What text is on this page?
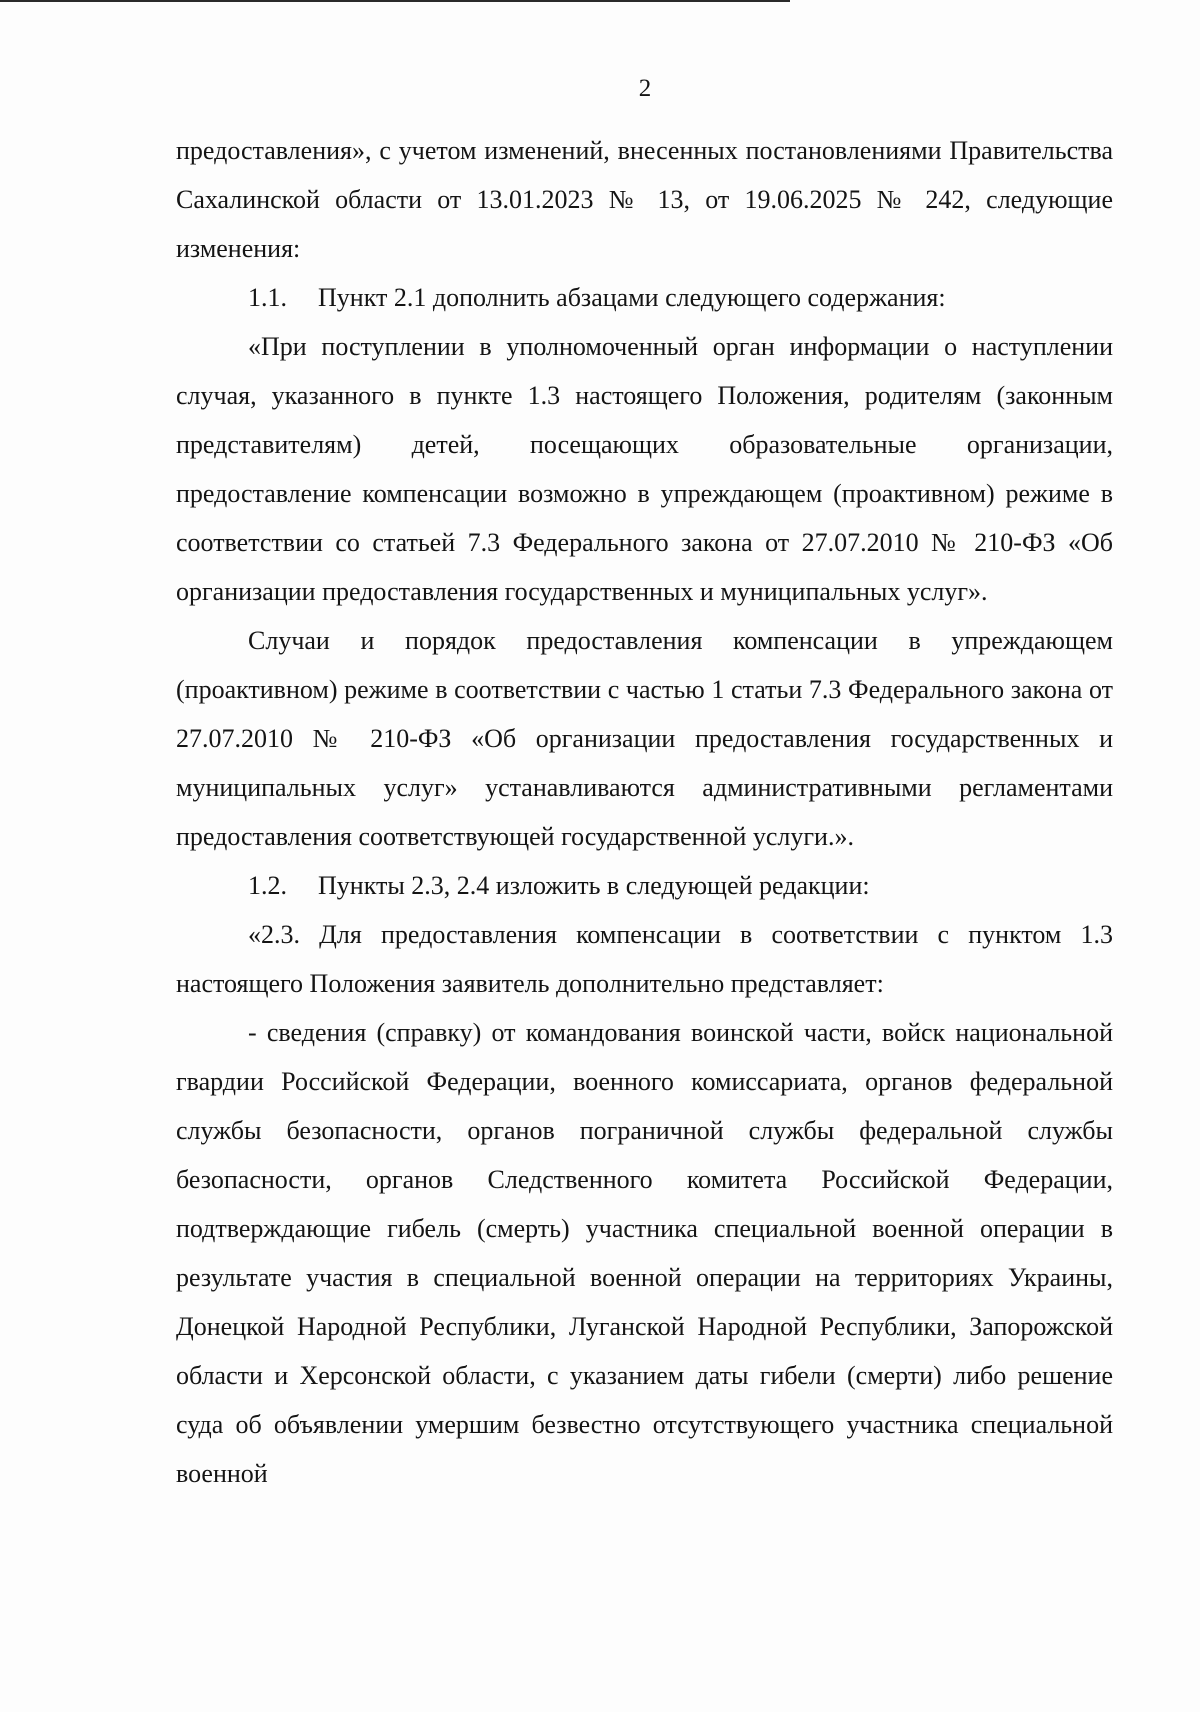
2

предоставления», с учетом изменений, внесенных постановлениями Правительства Сахалинской области от 13.01.2023 № 13, от 19.06.2025 № 242, следующие изменения:

1.1. Пункт 2.1 дополнить абзацами следующего содержания:

«При поступлении в уполномоченный орган информации о наступлении случая, указанного в пункте 1.3 настоящего Положения, родителям (законным представителям) детей, посещающих образовательные организации, предоставление компенсации возможно в упреждающем (проактивном) режиме в соответствии со статьей 7.3 Федерального закона от 27.07.2010 № 210-ФЗ «Об организации предоставления государственных и муниципальных услуг».

Случаи и порядок предоставления компенсации в упреждающем (проактивном) режиме в соответствии с частью 1 статьи 7.3 Федерального закона от 27.07.2010 № 210-ФЗ «Об организации предоставления государственных и муниципальных услуг» устанавливаются административными регламентами предоставления соответствующей государственной услуги.».

1.2. Пункты 2.3, 2.4 изложить в следующей редакции:

«2.3. Для предоставления компенсации в соответствии с пунктом 1.3 настоящего Положения заявитель дополнительно представляет:

- сведения (справку) от командования воинской части, войск национальной гвардии Российской Федерации, военного комиссариата, органов федеральной службы безопасности, органов пограничной службы федеральной службы безопасности, органов Следственного комитета Российской Федерации, подтверждающие гибель (смерть) участника специальной военной операции в результате участия в специальной военной операции на территориях Украины, Донецкой Народной Республики, Луганской Народной Республики, Запорожской области и Херсонской области, с указанием даты гибели (смерти) либо решение суда об объявлении умершим безвестно отсутствующего участника специальной военной
